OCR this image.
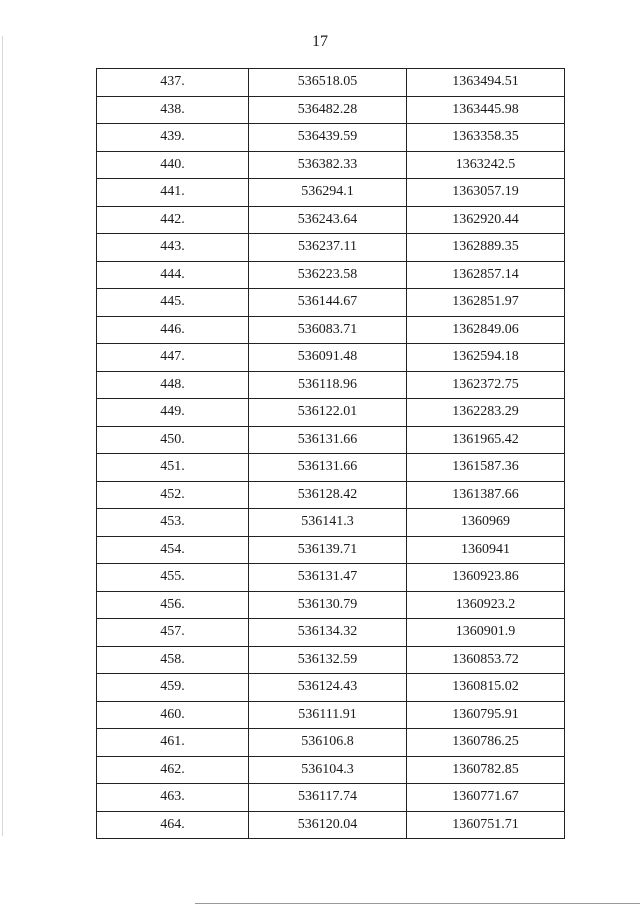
17
437.	536518.05	1363494.51
438.	536482.28	1363445.98
439.	536439.59	1363358.35
440.	536382.33	1363242.5
441.	536294.1	1363057.19
442.	536243.64	1362920.44
443.	536237.11	1362889.35
444.	536223.58	1362857.14
445.	536144.67	1362851.97
446.	536083.71	1362849.06
447.	536091.48	1362594.18
448.	536118.96	1362372.75
449.	536122.01	1362283.29
450.	536131.66	1361965.42
451.	536131.66	1361587.36
452.	536128.42	1361387.66
453.	536141.3	1360969
454.	536139.71	1360941
455.	536131.47	1360923.86
456.	536130.79	1360923.2
457.	536134.32	1360901.9
458.	536132.59	1360853.72
459.	536124.43	1360815.02
460.	536111.91	1360795.91
461.	536106.8	1360786.25
462.	536104.3	1360782.85
463.	536117.74	1360771.67
464.	536120.04	1360751.71
